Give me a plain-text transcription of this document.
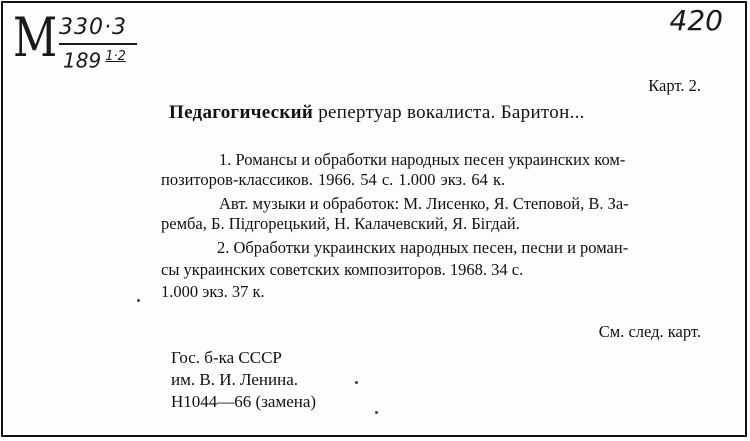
М 330·3
189 $^{1\cdot 2}$
420
Карт. 2.
Педагогический репертуар вокалиста. Баритон...
1. Романсы и обработки народных песен украинских ком-
позиторов-классиков. 1966. 54 с. 1.000 экз. 64 к.
Авт. музыки и обработок: М. Лисенко, Я. Степовой, В. За-
ремба, Б. Підгорецький, Н. Калачевский, Я. Бігдай.
2. Обработки украинских народных песен, песни и роман-
сы украинских советских композиторов. 1968. 34 с.
1.000 экз. 37 к.
См. след. карт.
Гос. б-ка СССР
им. В. И. Ленина.
Н1044—66 (замена)
